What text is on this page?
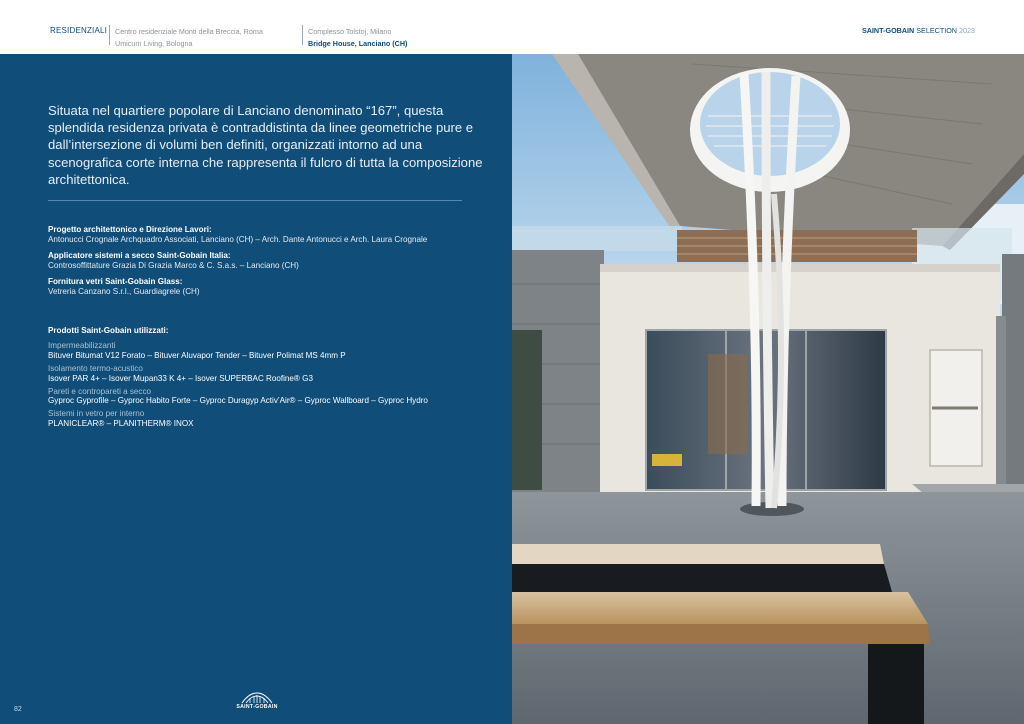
RESIDENZIALI Centro residenziale Monti della Breccia, Roma
Umicum Living, Bologna
Complesso Tolstoj, Milano
Bridge House, Lanciano (CH)
SAINT-GOBAIN SELECTION 2023

Situata nel quartiere popolare di Lanciano denominato “167”, questa splendida residenza privata è contraddistinta da linee geometriche pure e dall’intersezione di volumi ben definiti, organizzati intorno ad una scenografica corte interna che rappresenta il fulcro di tutta la composizione architettonica.

Progetto architettonico e Direzione Lavori:
Antonucci Crognale Archquadro Associati, Lanciano (CH) – Arch. Dante Antonucci e Arch. Laura Crognale
Applicatore sistemi a secco Saint-Gobain Italia:
Controsoffittature Grazia Di Grazia Marco & C. S.a.s. – Lanciano (CH)
Fornitura vetri Saint-Gobain Glass:
Vetreria Canzano S.r.l., Guardiagrele (CH)
Prodotti Saint-Gobain utilizzati:
Impermeabilizzanti
Bituver Bitumat V12 Forato – Bituver Aluvapor Tender – Bituver Polimat MS 4mm P
Isolamento termo-acustico
Isover PAR 4+ – Isover Mupan33 K 4+ – Isover SUPERBAC Roofine® G3
Pareti e contropareti a secco
Gyproc Gyprofile – Gyproc Habito Forte – Gyproc Duragyp Activ’Air® – Gyproc Wallboard – Gyproc Hydro
Sistemi in vetro per interno
PLANICLEAR® – PLANITHERM® INOX
82	SAINT-GOBAIN
